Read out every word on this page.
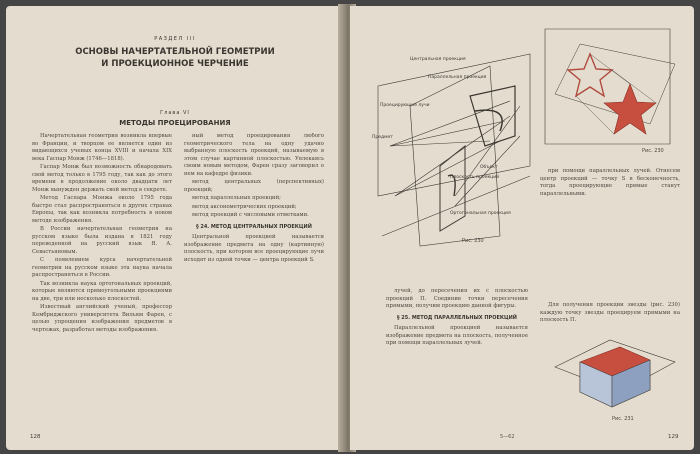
РАЗДЕЛ III
ОСНОВЫ НАЧЕРТАТЕЛЬНОЙ ГЕОМЕТРИИ
И ПРОЕКЦИОННОЕ ЧЕРЧЕНИЕ
Глава VI
МЕТОДЫ ПРОЕЦИРОВАНИЯ

Начертательная геометрия возникла впервые во Франции, и творцом ее является один из видающихся ученых конца XVIII и начала XIX века Гаспар Монж (1746—1818).

Гаспар Монж был возможность обнародовать свой метод только в 1795 году, так как до этого времени в продолжение около двадцати лет Монж вынужден держать свой метод в секрете.

Метод Гаспара Монжа около 1795 года быстро стал распространяться в других странах Европы, так как возникла потребность в новом методе изображения.

В России начертательная геометрия на русском языке была издана в 1821 году переведенной на русский язык Я. А. Севастьяновым.

С появлением курса начертательной геометрии на русском языке эта наука начала распространяться в России.

Так возникла наука ортогональных проекций, которые являются прямоугольными проекциями на две, три или несколько плоскостей.

Известный английский ученый, профессор Кембриджского университета Вильям Фарен, с целью упрощения изображения предметов в чертежах, разработал методы изображения.

ный метод проецирования любого геометрического тела на одну удачно выбранную плоскость проекций, называемую в этом случае картинной плоскостью. Увлекаясь своим новым методом, Фарен сразу заговорил о нем на кафедре физики.

метод центральных (перспективных) проекций;

метод параллельных проекций;

метод аксонометрических проекций;

метод проекций с числовыми отметками.

§ 24. МЕТОД ЦЕНТРАЛЬНЫХ ПРОЕКЦИЙ

Центральной проекцией называется изображение предмета на одну (картинную) плоскость, при котором все проецирующие лучи исходят из одной точки — центра проекций S.

128
Центральная проекция
Параллельная проекция
Проецирующие лучи
Предмет
Объект
Плоскость проекций
Ортогональная проекция
Рис. 230
Рис. 230

при помощи параллельных лучей. Отнесем центр проекций — точку S в бесконечность, тогда проецирующие прямые станут параллельными.

Для получения проекции звезды (рис. 230) каждую точку звезды проецируем прямыми на плоскость П.

лучей, до пересечения их с плоскостью проекций П. Соединив точки пересечения прямыми, получим проекцию данной фигуры.

§ 25. МЕТОД ПАРАЛЛЕЛЬНЫХ ПРОЕКЦИЙ

Параллельной проекцией называется изображение предмета на плоскость, полученное при помощи параллельных лучей.

Рис. 231
5—62	129
